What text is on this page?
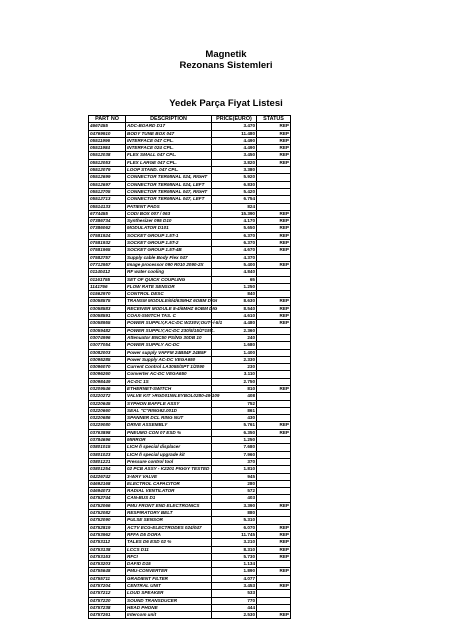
Magnetik
Rezonans Sistemleri
Yedek Parça Fiyat Listesi
PART NO	DESCRIPTION	PRICE(EURO)	STATUS
4667455	ADC-BOARD D17	3.470	REP
04769910	BODY TUNE BOX 047	11.480	REP
05511996	INTERFACE 047 CPL.	4.490	REP
05511984	INTERFACE 024 CPL.	4.490	REP
05512038	FLEX SMALL 047 CPL.	3.450	REP
05512053	FLEX LARGE 047 CPL.	3.820	REP
05512079	LOOP STAND. 047 CPL.	3.380	
05512699	CONNECTOR TERMINAL 024, RIGHT	5.920	
05512697	CONNECTOR TERMINAL 024, LEFT	6.830	
05512705	CONNECTOR TERMINAL 047, RIGHT	5.420	
05512713	CONNECTOR TERMINAL 047, LEFT	6.754	
05514133	PATIENT PADS	824	
6774455	CODI BOX 007 / 063	15.390	REP
07386734	Synthesizer 095 D10	4.170	REP
07386062	MODULATOR D101	5.650	REP
07581924	SOCKET GROUP 1.5T-1	6.370	REP
07581932	SOCKET GROUP 1.5T-2	6.370	REP
07581965	SOCKET GROUP 1.5T-4B	4.670	REP
07582757	Supply cable Body Flex 047	4.370	
07712957	Image processor 090 R010 2090-2X	5.400	REP
01140412	RF water cooling	4.840	
01161755	SET OF QUICK COUPLING	65	
1141766	FLOW RATE SENSOR	1.250	
01562970	CONTROL DESC	840	
03058575	TRANSM MODULE/6/4/63MHZ 6OBM DIGI	8.630	REP
03058583	RECEIVER MODULE 8-4/6MHZ 6OBM DIG	8.540	REP
03058591	COAX-SWITCH TAS. C	4.610	REP
03058955	POWER SUPPLY,F.AC-DC W230V;OUT+/-5/1	4.480	REP
03059482	POWER SUPPLY;AC-DC 230/5/15/2*15V..	2.360	
03074996	Attenuator BNC50 PS/NG 30DB 10	240	
03077054	POWER SUPPLY AC-DC	1.680	
03082003	Power supply VAFFM 24B84F 24B5F	1.400	
03095285	Power Supply AC-DC VEGA650	2.330	
03096070	Current Control LA3055/SPT 1/2090	230	
03096260	Converter AC-DC VEGA650	3.110	
03098449	AC-DC 1S	2.750	
03209546	ETHERNET-SWITCH	810	REP
03220272	VALVE KIT >RGD01NN.EYBOL0280-49-109	408	
03220645	SYPHON BAFFLE ASSY	752	
03220660	SEAL "C"RING92.001D	861	
03220686	SPANNER DCL RING NUT	430	
03229080	DRIVE ASSEMBLY	5.761	REP
03763898	PNEUMO CON 07 ESD %	6.350	REP
03784696	MIRROR	1.250	
03801015	LICH ñ special displacer	7.680	
03801023	LICH ñ special upgrade kit	7.960	
03801221	Pressure control tool	370	
03801254	02 PCB ASSY - K2201 PIGGY TESTED	1.810	
04226742	3-WAY VALVE	945	
04692168	ELECTROL CAPACITOR	280	
04694073	RADIAL VENTILATOR	572	
04752744	CAN-BUS D1	403	
04752066	PMU FRONT END ELECTRONICS	3.390	REP
04752082	RESPIRATORY BELT	880	
04752090	PULSE SENSOR	5.310	
04752819	ACTV ECG-ELECTRODES 024/047	6.070	REP
04753962	RFFA D5 DORA	11.745	REP
04753112	TALES D6 ESD 02 %	3.210	REP
04753138	LCCS D11	8.310	REP
04753153	RFCI	5.730	REP
04753203	DAFID D15	1.134	
04755648	PMU-CONVERTER	1.890	REP
04755711	GRADIENT FILTER	4.077	
04757204	CENTRAL UNIT	3.453	REP
04757212	LOUD SPEAKER	533	
04757220	SOUND TRANSDUCER	770	
04757238	HEAD PHONE	444	
04757261	Intercom unit	2.530	REP
